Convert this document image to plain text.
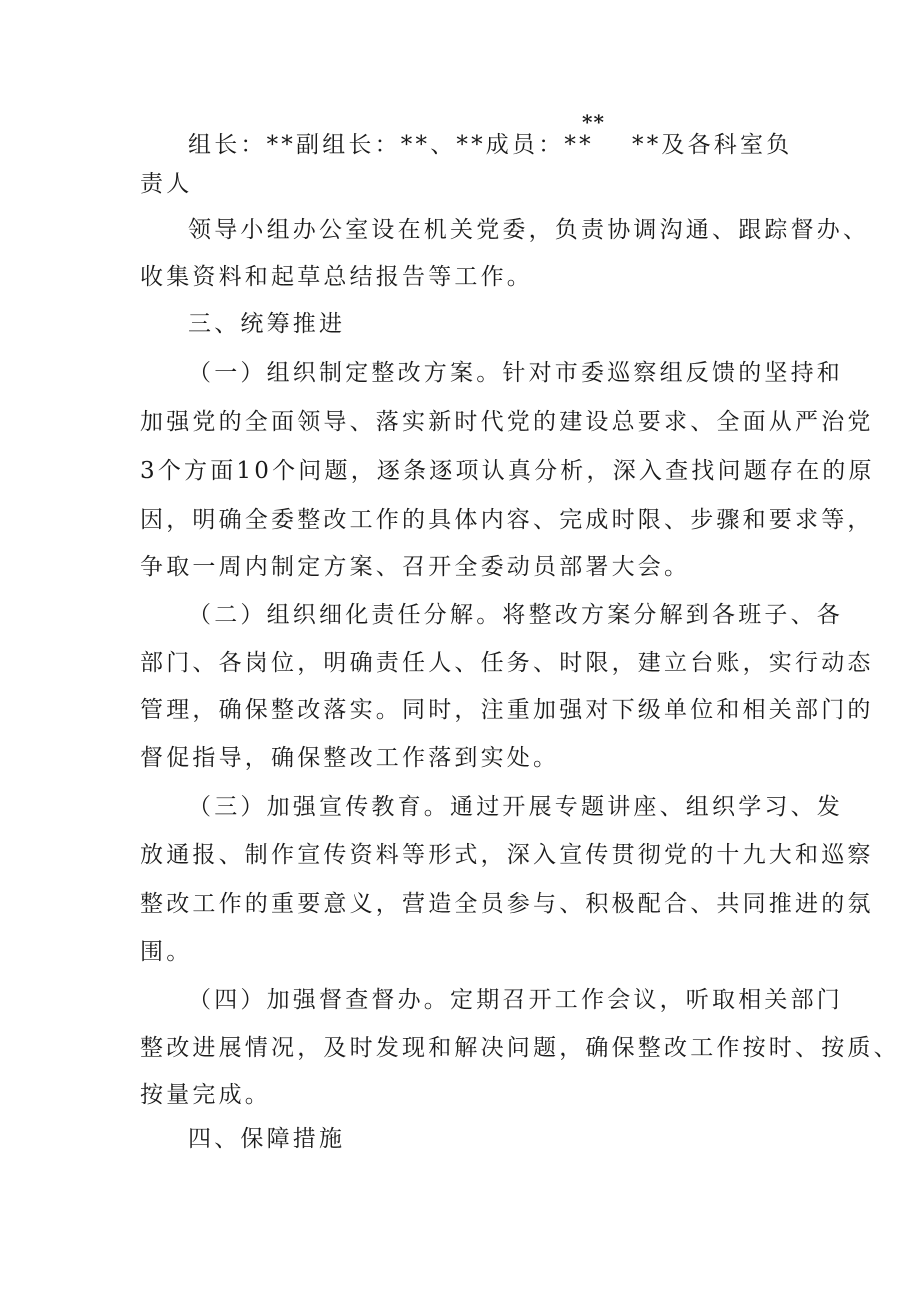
组长：**副组长：**、**成员：**
**
**及各科室负
责人
领导小组办公室设在机关党委，负责协调沟通、跟踪督办、
收集资料和起草总结报告等工作。
三、统筹推进
（一）组织制定整改方案。针对市委巡察组反馈的坚持和
加强党的全面领导、落实新时代党的建设总要求、全面从严治党
3个方面10个问题，逐条逐项认真分析，深入查找问题存在的原
因，明确全委整改工作的具体内容、完成时限、步骤和要求等，
争取一周内制定方案、召开全委动员部署大会。
（二）组织细化责任分解。将整改方案分解到各班子、各
部门、各岗位，明确责任人、任务、时限，建立台账，实行动态
管理，确保整改落实。同时，注重加强对下级单位和相关部门的
督促指导，确保整改工作落到实处。
（三）加强宣传教育。通过开展专题讲座、组织学习、发
放通报、制作宣传资料等形式，深入宣传贯彻党的十九大和巡察
整改工作的重要意义，营造全员参与、积极配合、共同推进的氛
围。
（四）加强督查督办。定期召开工作会议，听取相关部门
整改进展情况，及时发现和解决问题，确保整改工作按时、按质、
按量完成。
四、保障措施
